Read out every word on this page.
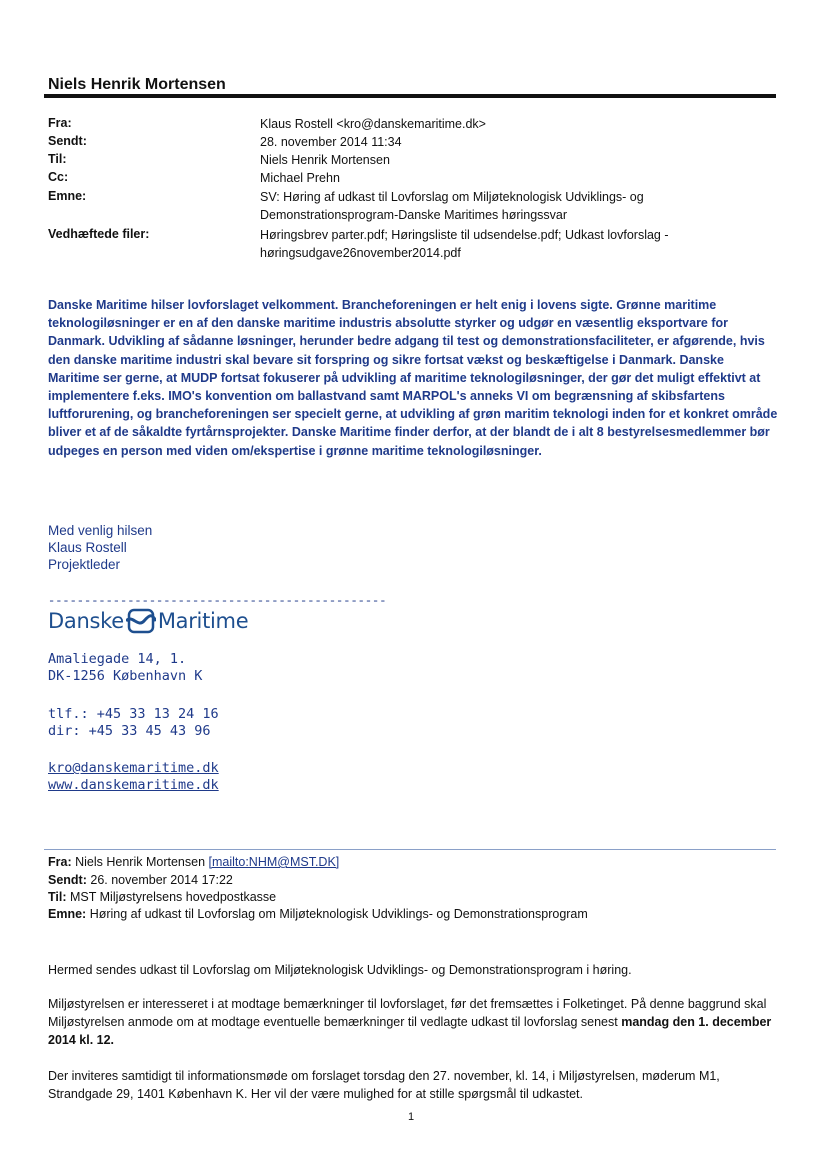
Niels Henrik Mortensen
Fra:	Klaus Rostell <kro@danskemaritime.dk>
Sendt:	28. november 2014 11:34
Til:	Niels Henrik Mortensen
Cc:	Michael Prehn
Emne:	SV: Høring af udkast til Lovforslag om Miljøteknologisk Udviklings- og Demonstrationsprogram-Danske Maritimes høringssvar
Vedhæftede filer:	Høringsbrev parter.pdf; Høringsliste til udsendelse.pdf; Udkast lovforslag - høringsudgave26november2014.pdf
Danske Maritime hilser lovforslaget velkomment. Brancheforeningen er helt enig i lovens sigte. Grønne maritime teknologiløsninger er en af den danske maritime industris absolutte styrker og udgør en væsentlig eksportvare for Danmark. Udvikling af sådanne løsninger, herunder bedre adgang til test og demonstrationsfaciliteter, er afgørende, hvis den danske maritime industri skal bevare sit forspring og sikre fortsat vækst og beskæftigelse i Danmark. Danske Maritime ser gerne, at MUDP fortsat fokuserer på udvikling af maritime teknologiløsninger, der gør det muligt effektivt at implementere f.eks. IMO's konvention om ballastvand samt MARPOL's anneks VI om begrænsning af skibsfartens luftforurening, og brancheforeningen ser specielt gerne, at udvikling af grøn maritim teknologi inden for et konkret område bliver et af de såkaldte fyrtårnsprojekter. Danske Maritime finder derfor, at der blandt de i alt 8 bestyrelsesmedlemmer bør udpeges en person med viden om/ekspertise i grønne maritime teknologiløsninger.
Med venlig hilsen
Klaus Rostell
Projektleder
-----------------------------------------------
Danske Maritime
Amaliegade 14, 1.
DK-1256 København K
tlf.: +45 33 13 24 16
dir: +45 33 45 43 96
kro@danskemaritime.dk
www.danskemaritime.dk
Fra: Niels Henrik Mortensen [mailto:NHM@MST.DK]
Sendt: 26. november 2014 17:22
Til: MST Miljøstyrelsens hovedpostkasse
Emne: Høring af udkast til Lovforslag om Miljøteknologisk Udviklings- og Demonstrationsprogram
Hermed sendes udkast til Lovforslag om Miljøteknologisk Udviklings- og Demonstrationsprogram i høring.
Miljøstyrelsen er interesseret i at modtage bemærkninger til lovforslaget, før det fremsættes i Folketinget. På denne baggrund skal Miljøstyrelsen anmode om at modtage eventuelle bemærkninger til vedlagte udkast til lovforslag senest mandag den 1. december 2014 kl. 12.
Der inviteres samtidigt til informationsmøde om forslaget torsdag den 27. november, kl. 14, i Miljøstyrelsen, møderum M1, Strandgade 29, 1401 København K. Her vil der være mulighed for at stille spørgsmål til udkastet.
1
